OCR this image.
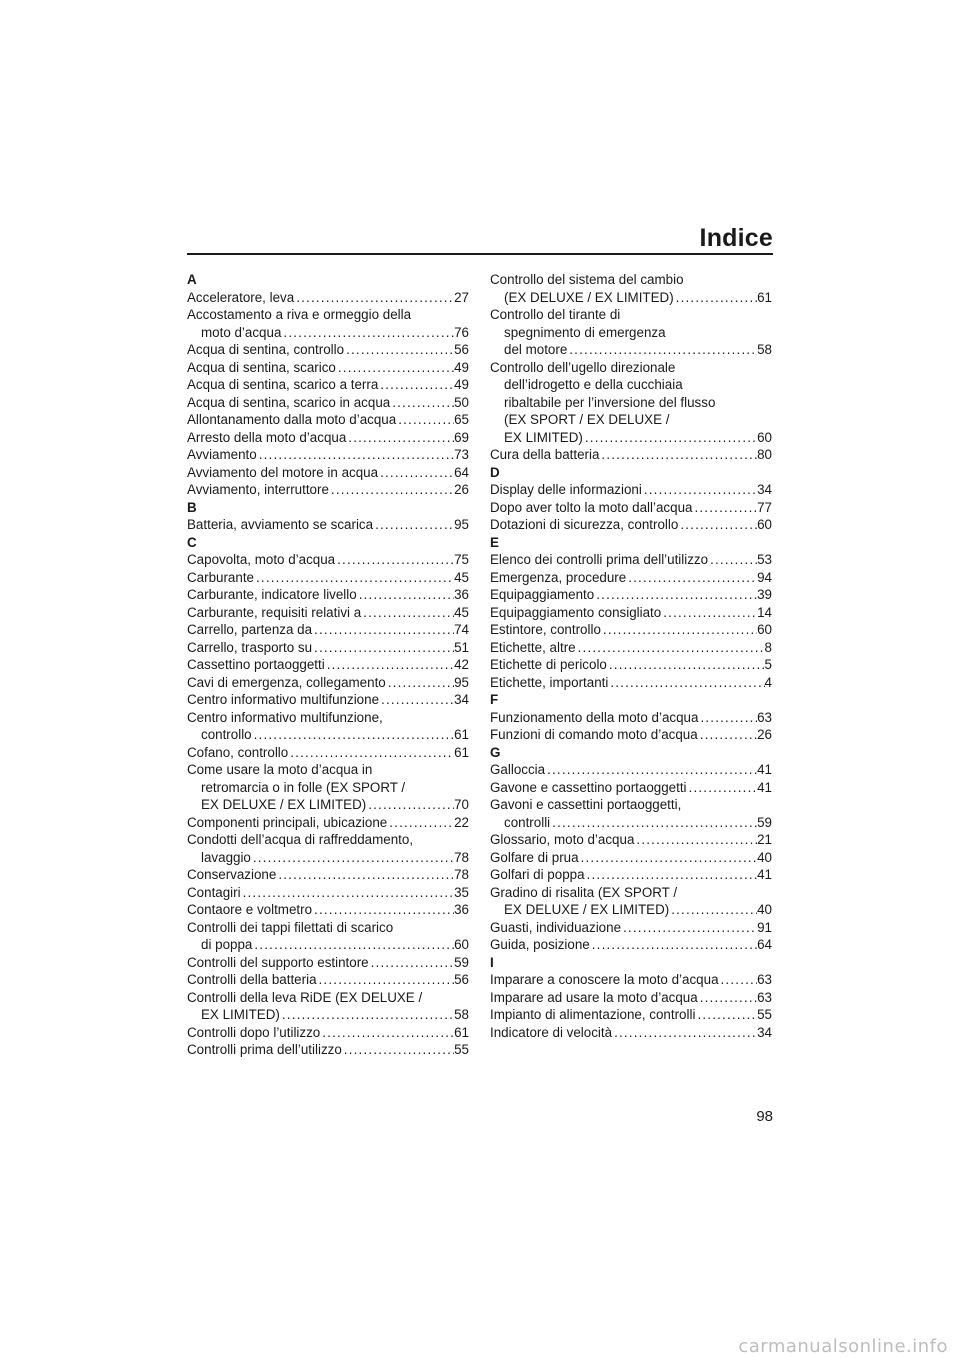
Indice
A
Acceleratore, leva .....	27
Accostamento a riva e ormeggio della
moto d’acqua .....	76
Acqua di sentina, controllo .....	56
Acqua di sentina, scarico .....	49
Acqua di sentina, scarico a terra .....	49
Acqua di sentina, scarico in acqua .....	50
Allontanamento dalla moto d’acqua .....	65
Arresto della moto d’acqua .....	69
Avviamento .....	73
Avviamento del motore in acqua .....	64
Avviamento, interruttore .....	26
B
Batteria, avviamento se scarica .....	95
C
Capovolta, moto d’acqua .....	75
Carburante .....	45
Carburante, indicatore livello .....	36
Carburante, requisiti relativi a .....	45
Carrello, partenza da .....	74
Carrello, trasporto su .....	51
Cassettino portaoggetti .....	42
Cavi di emergenza, collegamento .....	95
Centro informativo multifunzione .....	34
Centro informativo multifunzione,
controllo .....	61
Cofano, controllo .....	61
Come usare la moto d’acqua in
retromarcia o in folle (EX SPORT /
EX DELUXE / EX LIMITED) .....	70
Componenti principali, ubicazione .....	22
Condotti dell’acqua di raffreddamento,
lavaggio .....	78
Conservazione .....	78
Contagiri .....	35
Contaore e voltmetro .....	36
Controlli dei tappi filettati di scarico
di poppa .....	60
Controlli del supporto estintore .....	59
Controlli della batteria .....	56
Controlli della leva RiDE (EX DELUXE /
EX LIMITED) .....	58
Controlli dopo l’utilizzo .....	61
Controlli prima dell’utilizzo .....	55
Controllo del sistema del cambio
(EX DELUXE / EX LIMITED) .....	61
Controllo del tirante di
spegnimento di emergenza
del motore .....	58
Controllo dell’ugello direzionale
dell’idrogetto e della cucchiaia
ribaltabile per l’inversione del flusso
(EX SPORT / EX DELUXE /
EX LIMITED) .....	60
Cura della batteria .....	80
D
Display delle informazioni .....	34
Dopo aver tolto la moto dall’acqua .....	77
Dotazioni di sicurezza, controllo .....	60
E
Elenco dei controlli prima dell’utilizzo .....	53
Emergenza, procedure .....	94
Equipaggiamento .....	39
Equipaggiamento consigliato .....	14
Estintore, controllo .....	60
Etichette, altre .....	8
Etichette di pericolo .....	5
Etichette, importanti .....	4
F
Funzionamento della moto d’acqua .....	63
Funzioni di comando moto d’acqua .....	26
G
Galloccia .....	41
Gavone e cassettino portaoggetti .....	41
Gavoni e cassettini portaoggetti,
controlli .....	59
Glossario, moto d’acqua .....	21
Golfare di prua .....	40
Golfari di poppa .....	41
Gradino di risalita (EX SPORT /
EX DELUXE / EX LIMITED) .....	40
Guasti, individuazione .....	91
Guida, posizione .....	64
I
Imparare a conoscere la moto d’acqua .....	63
Imparare ad usare la moto d’acqua .....	63
Impianto di alimentazione, controlli .....	55
Indicatore di velocità .....	34
98
carmanualsonline.info
